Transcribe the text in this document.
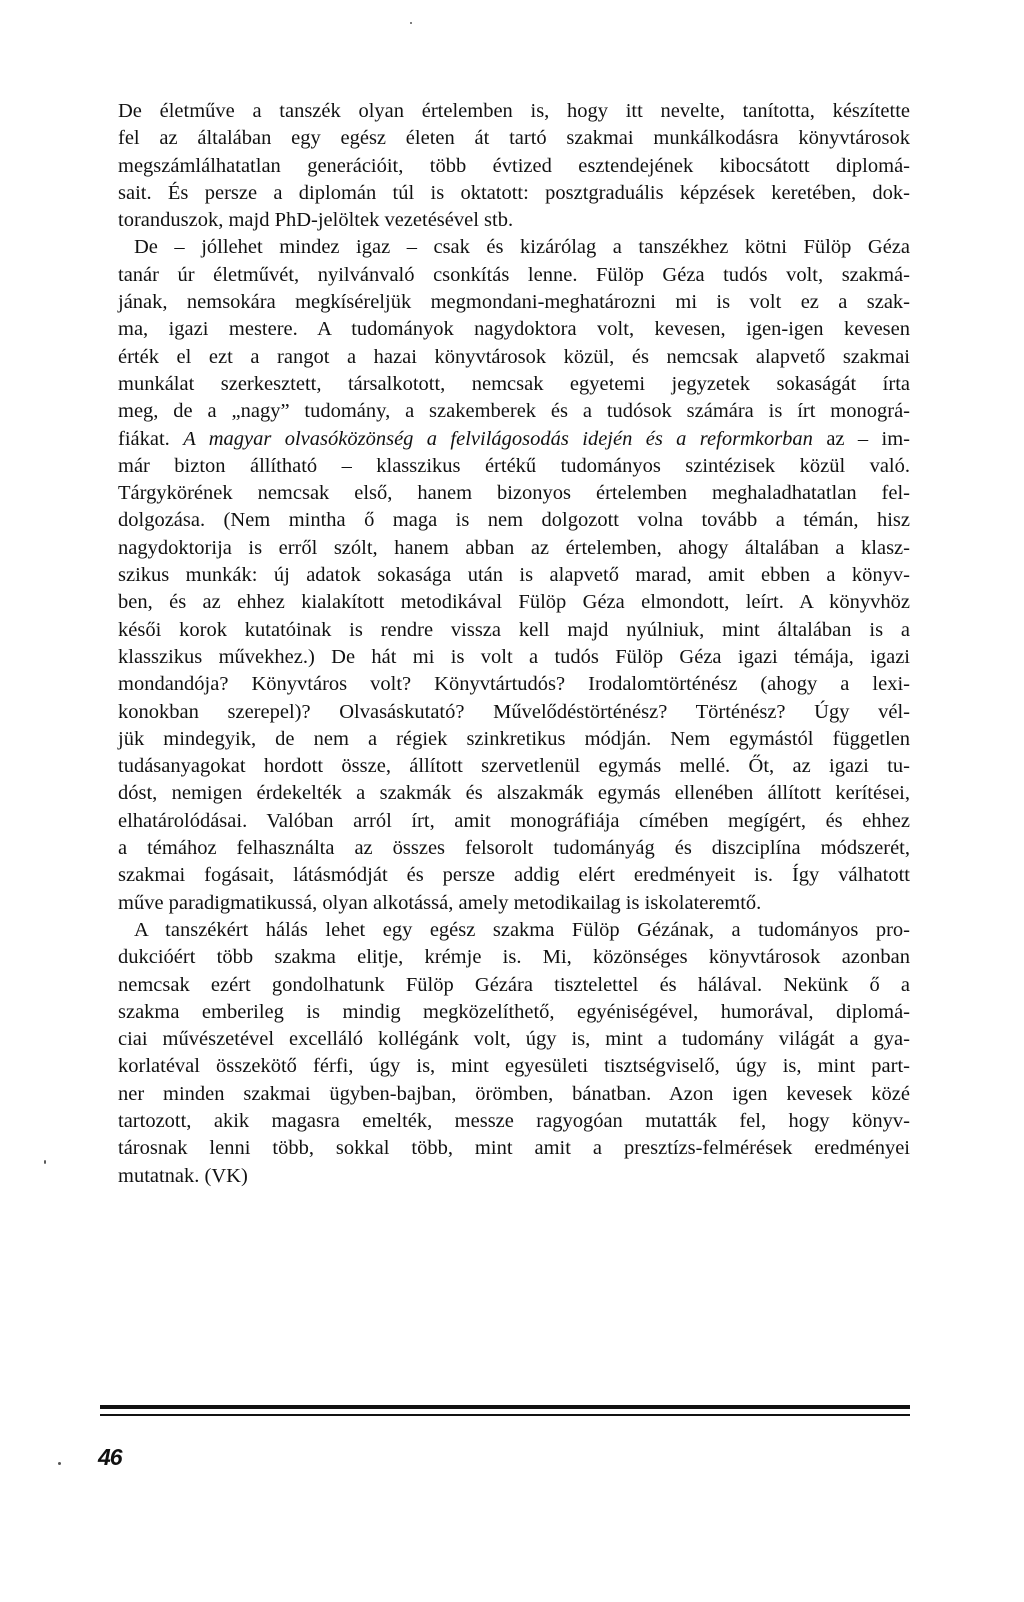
De életműve a tanszék olyan értelemben is, hogy itt nevelte, tanította, készítette
fel az általában egy egész életen át tartó szakmai munkálkodásra könyvtárosok
megszámlálhatatlan generációit, több évtized esztendejének kibocsátott diplomá-
sait. És persze a diplomán túl is oktatott: posztgraduális képzések keretében, dok-
toranduszok, majd PhD-jelöltek vezetésével stb.
De – jóllehet mindez igaz – csak és kizárólag a tanszékhez kötni Fülöp Géza
tanár úr életművét, nyilvánvaló csonkítás lenne. Fülöp Géza tudós volt, szakmá-
jának, nemsokára megkíséreljük megmondani-meghatározni mi is volt ez a szak-
ma, igazi mestere. A tudományok nagydoktora volt, kevesen, igen-igen kevesen
érték el ezt a rangot a hazai könyvtárosok közül, és nemcsak alapvető szakmai
munkálat szerkesztett, társalkotott, nemcsak egyetemi jegyzetek sokaságát írta
meg, de a „nagy” tudomány, a szakemberek és a tudósok számára is írt monográ-
fiákat. A magyar olvasóközönség a felvilágosodás idején és a reformkorban az – im-
már bizton állítható – klasszikus értékű tudományos szintézisek közül való.
Tárgykörének nemcsak első, hanem bizonyos értelemben meghaladhatatlan fel-
dolgozása. (Nem mintha ő maga is nem dolgozott volna tovább a témán, hisz
nagydoktorija is erről szólt, hanem abban az értelemben, ahogy általában a klasz-
szikus munkák: új adatok sokasága után is alapvető marad, amit ebben a könyv-
ben, és az ehhez kialakított metodikával Fülöp Géza elmondott, leírt. A könyvhöz
késői korok kutatóinak is rendre vissza kell majd nyúlniuk, mint általában is a
klasszikus művekhez.) De hát mi is volt a tudós Fülöp Géza igazi témája, igazi
mondandója? Könyvtáros volt? Könyvtártudós? Irodalomtörténész (ahogy a lexi-
konokban szerepel)? Olvasáskutató? Művelődéstörténész? Történész? Úgy vél-
jük mindegyik, de nem a régiek szinkretikus módján. Nem egymástól független
tudásanyagokat hordott össze, állított szervetlenül egymás mellé. Őt, az igazi tu-
dóst, nemigen érdekelték a szakmák és alszakmák egymás ellenében állított kerítései,
elhatárolódásai. Valóban arról írt, amit monográfiája címében megígért, és ehhez
a témához felhasználta az összes felsorolt tudományág és diszciplína módszerét,
szakmai fogásait, látásmódját és persze addig elért eredményeit is. Így válhatott
műve paradigmatikussá, olyan alkotássá, amely metodikailag is iskolateremtő.
A tanszékért hálás lehet egy egész szakma Fülöp Gézának, a tudományos pro-
dukcióért több szakma elitje, krémje is. Mi, közönséges könyvtárosok azonban
nemcsak ezért gondolhatunk Fülöp Gézára tisztelettel és hálával. Nekünk ő a
szakma emberileg is mindig megközelíthető, egyéniségével, humorával, diplomá-
ciai művészetével excelláló kollégánk volt, úgy is, mint a tudomány világát a gya-
korlatéval összekötő férfi, úgy is, mint egyesületi tisztségviselő, úgy is, mint part-
ner minden szakmai ügyben-bajban, örömben, bánatban. Azon igen kevesek közé
tartozott, akik magasra emelték, messze ragyogóan mutatták fel, hogy könyv-
tárosnak lenni több, sokkal több, mint amit a presztízs-felmérések eredményei
mutatnak. (VK)
46
